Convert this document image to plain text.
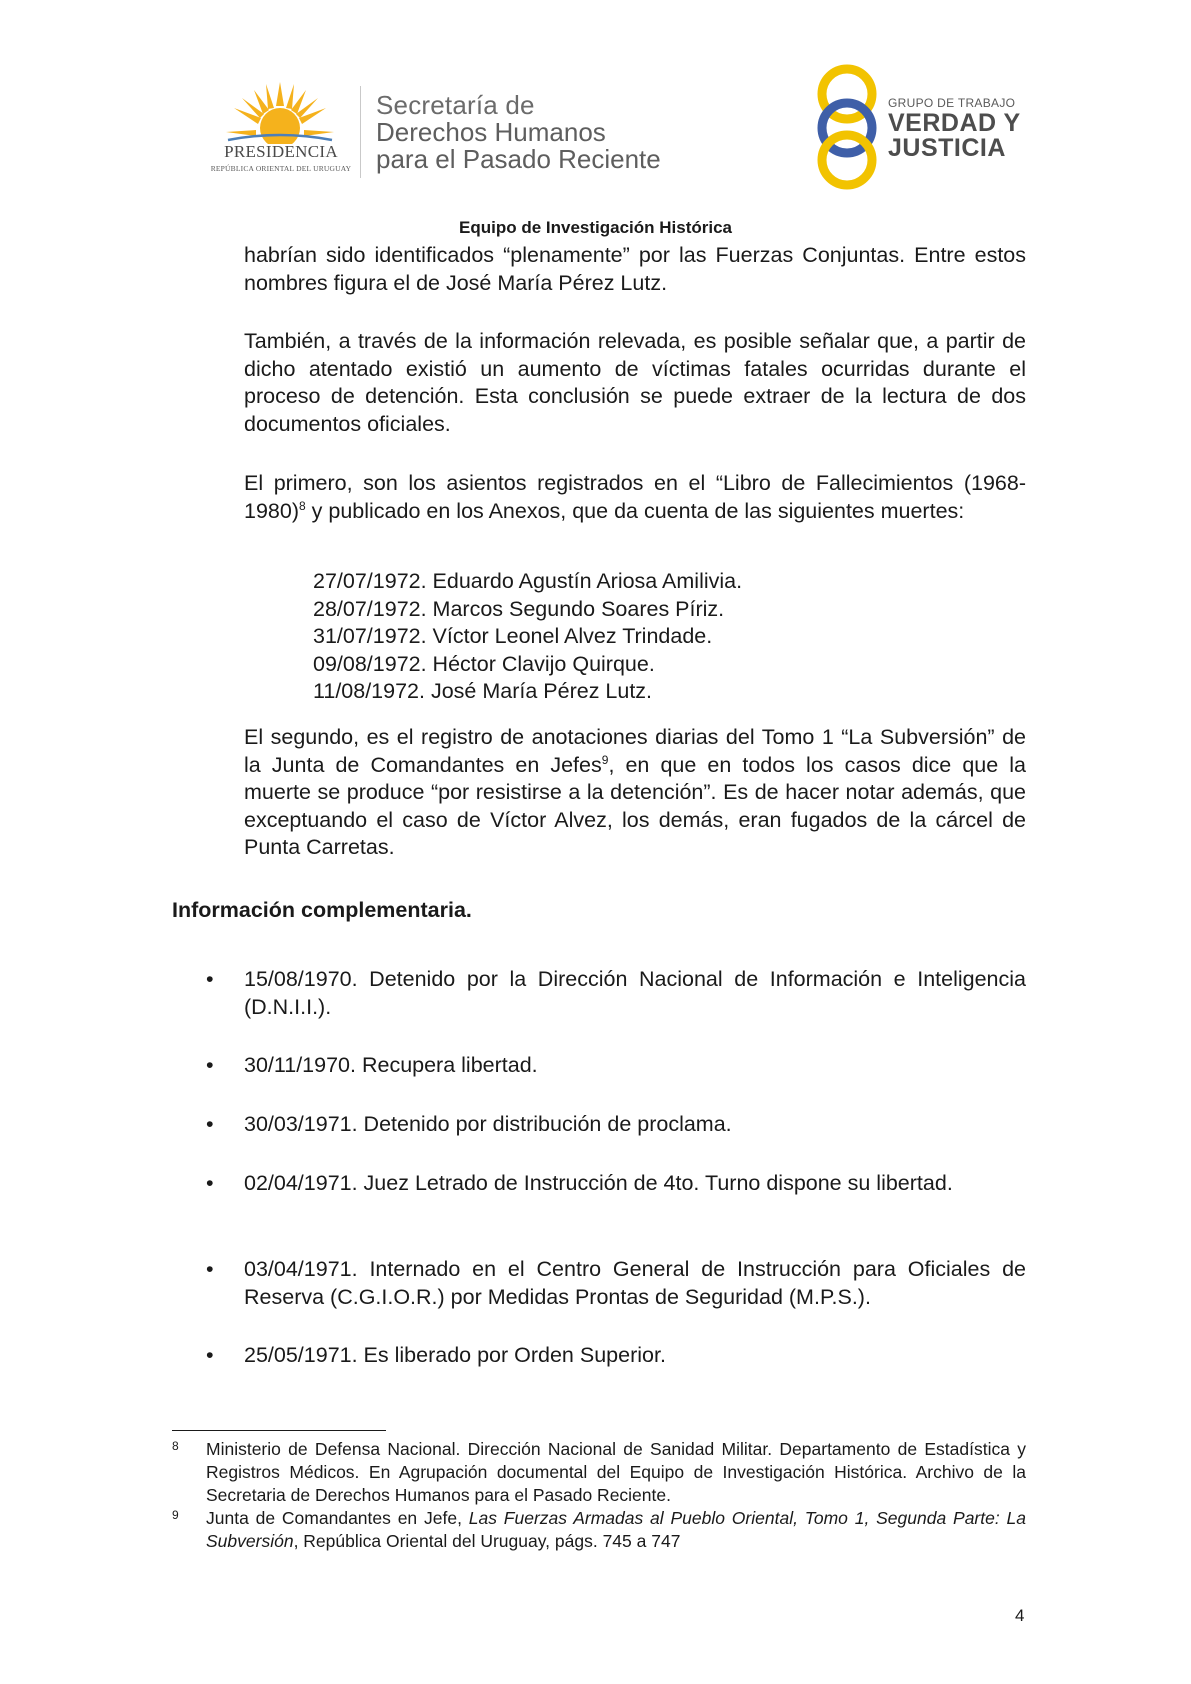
PRESIDENCIA
REPÚBLICA ORIENTAL DEL URUGUAY
Secretaría de
Derechos Humanos
para el Pasado Reciente
GRUPO DE TRABAJO
VERDAD Y
JUSTICIA
Equipo de Investigación Histórica
habrían sido identificados “plenamente” por las Fuerzas Conjuntas. Entre estos nombres figura el de José María Pérez Lutz.
También, a través de la información relevada, es posible señalar que, a partir de dicho atentado existió un aumento de víctimas fatales ocurridas durante el proceso de detención. Esta conclusión se puede extraer de la lectura de dos documentos oficiales.
El primero, son los asientos registrados en el “Libro de Fallecimientos (1968-1980)$^8$ y publicado en los Anexos, que da cuenta de las siguientes muertes:
27/07/1972. Eduardo Agustín Ariosa Amilivia.
28/07/1972. Marcos Segundo Soares Píriz.
31/07/1972. Víctor Leonel Alvez Trindade.
09/08/1972. Héctor Clavijo Quirque.
11/08/1972. José María Pérez Lutz.
El segundo, es el registro de anotaciones diarias del Tomo 1 “La Subversión” de la Junta de Comandantes en Jefes$^9$, en que en todos los casos dice que la muerte se produce “por resistirse a la detención”. Es de hacer notar además, que exceptuando el caso de Víctor Alvez, los demás, eran fugados de la cárcel de Punta Carretas.
Información complementaria.
•	15/08/1970. Detenido por la Dirección Nacional de Información e Inteligencia (D.N.I.I.).
•	30/11/1970. Recupera libertad.
•	30/03/1971. Detenido por distribución de proclama.
•	02/04/1971. Juez Letrado de Instrucción de 4to. Turno dispone su libertad.
•	03/04/1971. Internado en el Centro General de Instrucción para Oficiales de Reserva (C.G.I.O.R.) por Medidas Prontas de Seguridad (M.P.S.).
•	25/05/1971. Es liberado por Orden Superior.
8 Ministerio de Defensa Nacional. Dirección Nacional de Sanidad Militar. Departamento de Estadística y Registros Médicos. En Agrupación documental del Equipo de Investigación Histórica. Archivo de la Secretaria de Derechos Humanos para el Pasado Reciente.
9 Junta de Comandantes en Jefe, Las Fuerzas Armadas al Pueblo Oriental, Tomo 1, Segunda Parte: La Subversión, República Oriental del Uruguay, págs. 745 a 747
4
